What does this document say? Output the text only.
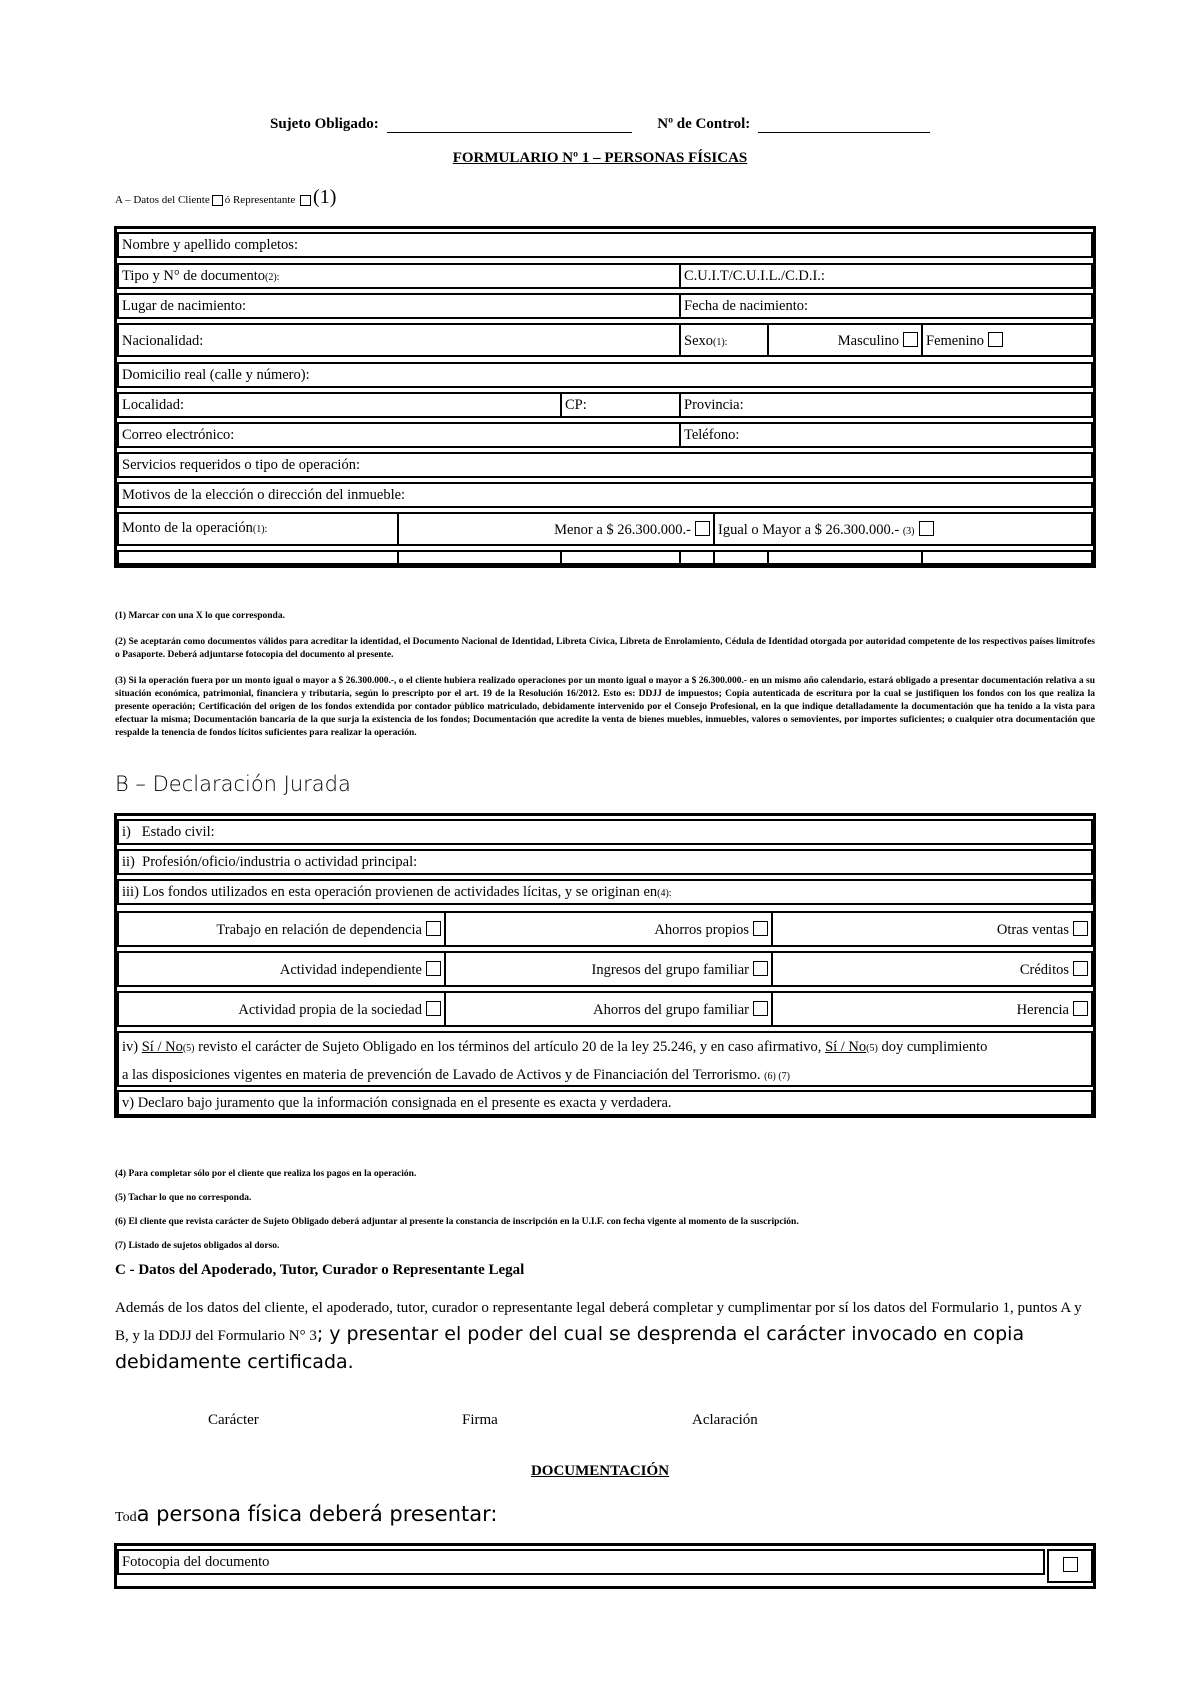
Sujeto Obligado:	Nº de Control:
FORMULARIO Nº 1 – PERSONAS FÍSICAS
A – Datos del Cliente ó Representante (1)
Nombre y apellido completos:
Tipo y N° de documento(2):	C.U.I.T/C.U.I.L./C.D.I.:
Lugar de nacimiento:	Fecha de nacimiento:
Nacionalidad:	Sexo(1):	Masculino	Femenino
Domicilio real (calle y número):
Localidad:	CP:	Provincia:
Correo electrónico:	Teléfono:
Servicios requeridos o tipo de operación:
Motivos de la elección o dirección del inmueble:
Monto de la operación(1):	Menor a $ 26.300.000.-	Igual o Mayor a $ 26.300.000.- (3)
(1) Marcar con una X lo que corresponda.
(2) Se aceptarán como documentos válidos para acreditar la identidad, el Documento Nacional de Identidad, Libreta Cívica, Libreta de Enrolamiento, Cédula de Identidad otorgada por autoridad competente de los respectivos países limítrofes o Pasaporte. Deberá adjuntarse fotocopia del documento al presente.
(3) Si la operación fuera por un monto igual o mayor a $ 26.300.000.-, o el cliente hubiera realizado operaciones por un monto igual o mayor a $ 26.300.000.- en un mismo año calendario, estará obligado a presentar documentación relativa a su situación económica, patrimonial, financiera y tributaria, según lo prescripto por el art. 19 de la Resolución 16/2012. Esto es: DDJJ de impuestos; Copia autenticada de escritura por la cual se justifiquen los fondos con los que realiza la presente operación; Certificación del origen de los fondos extendida por contador público matriculado, debidamente intervenido por el Consejo Profesional, en la que indique detalladamente la documentación que ha tenido a la vista para efectuar la misma; Documentación bancaria de la que surja la existencia de los fondos; Documentación que acredite la venta de bienes muebles, inmuebles, valores o semovientes, por importes suficientes; o cualquier otra documentación que respalde la tenencia de fondos lícitos suficientes para realizar la operación.
B – Declaración Jurada
i)   Estado civil:
ii)  Profesión/oficio/industria o actividad principal:
iii) Los fondos utilizados en esta operación provienen de actividades lícitas, y se originan en(4):
Trabajo en relación de dependencia	Ahorros propios	Otras ventas
Actividad independiente	Ingresos del grupo familiar	Créditos
Actividad propia de la sociedad	Ahorros del grupo familiar	Herencia
iv) Sí / No(5) revisto el carácter de Sujeto Obligado en los términos del artículo 20 de la ley 25.246, y en caso afirmativo, Sí / No(5) doy cumplimiento
a las disposiciones vigentes en materia de prevención de Lavado de Activos y de Financiación del Terrorismo. (6) (7)
v) Declaro bajo juramento que la información consignada en el presente es exacta y verdadera.
(4) Para completar sólo por el cliente que realiza los pagos en la operación.
(5) Tachar lo que no corresponda.
(6) El cliente que revista carácter de Sujeto Obligado deberá adjuntar al presente la constancia de inscripción en la U.I.F. con fecha vigente al momento de la suscripción.
(7) Listado de sujetos obligados al dorso.
C - Datos del Apoderado, Tutor, Curador o Representante Legal
Además de los datos del cliente, el apoderado, tutor, curador o representante legal deberá completar y cumplimentar por sí los datos del Formulario 1, puntos A y B, y la DDJJ del Formulario N° 3; y presentar el poder del cual se desprenda el carácter invocado en copia debidamente certificada.
Carácter	Firma	Aclaración
DOCUMENTACIÓN
Toda persona física deberá presentar:
Fotocopia del documento
